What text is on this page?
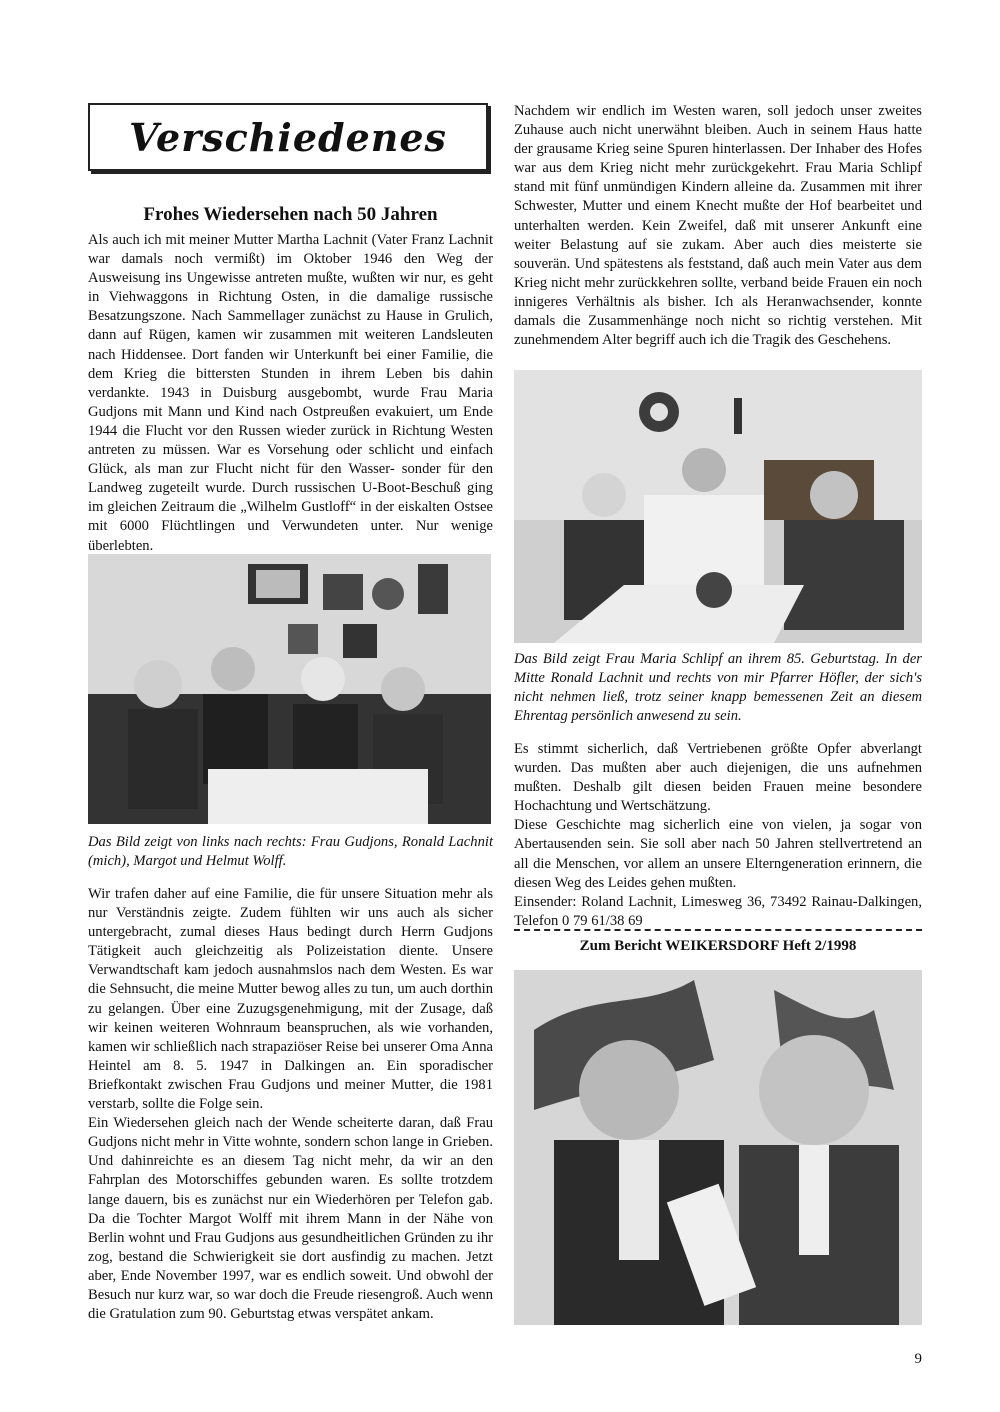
Verschiedenes
Frohes Wiedersehen nach 50 Jahren

Als auch ich mit meiner Mutter Martha Lachnit (Vater Franz Lachnit war damals noch vermißt) im Oktober 1946 den Weg der Ausweisung ins Ungewisse antreten mußte, wußten wir nur, es geht in Viehwaggons in Richtung Osten, in die damalige russische Besatzungszone. Nach Sammellager zunächst zu Hause in Grulich, dann auf Rügen, kamen wir zusammen mit weiteren Landsleuten nach Hiddensee. Dort fanden wir Unterkunft bei einer Familie, die dem Krieg die bittersten Stunden in ihrem Leben bis dahin verdankte. 1943 in Duisburg ausgebombt, wurde Frau Maria Gudjons mit Mann und Kind nach Ostpreußen evakuiert, um Ende 1944 die Flucht vor den Russen wieder zurück in Richtung Westen antreten zu müssen. War es Vorsehung oder schlicht und einfach Glück, als man zur Flucht nicht für den Wasser- sonder für den Landweg zugeteilt wurde. Durch russischen U-Boot-Beschuß ging im gleichen Zeitraum die „Wilhelm Gustloff“ in der eiskalten Ostsee mit 6000 Flüchtlingen und Verwundeten unter. Nur wenige überlebten.

Das Bild zeigt von links nach rechts: Frau Gudjons, Ronald Lachnit (mich), Margot und Helmut Wolff.

Wir trafen daher auf eine Familie, die für unsere Situation mehr als nur Verständnis zeigte. Zudem fühlten wir uns auch als sicher untergebracht, zumal dieses Haus bedingt durch Herrn Gudjons Tätigkeit auch gleichzeitig als Polizeistation diente. Unsere Verwandtschaft kam jedoch ausnahmslos nach dem Westen. Es war die Sehnsucht, die meine Mutter bewog alles zu tun, um auch dorthin zu gelangen. Über eine Zuzugsgenehmigung, mit der Zusage, daß wir keinen weiteren Wohnraum beanspruchen, als wie vorhanden, kamen wir schließlich nach strapaziöser Reise bei unserer Oma Anna Heintel am 8. 5. 1947 in Dalkingen an. Ein sporadischer Briefkontakt zwischen Frau Gudjons und meiner Mutter, die 1981 verstarb, sollte die Folge sein.

Ein Wiedersehen gleich nach der Wende scheiterte daran, daß Frau Gudjons nicht mehr in Vitte wohnte, sondern schon lange in Grieben. Und dahinreichte es an diesem Tag nicht mehr, da wir an den Fahrplan des Motorschiffes gebunden waren. Es sollte trotzdem lange dauern, bis es zunächst nur ein Wiederhören per Telefon gab. Da die Tochter Margot Wolff mit ihrem Mann in der Nähe von Berlin wohnt und Frau Gudjons aus gesundheitlichen Gründen zu ihr zog, bestand die Schwierigkeit sie dort ausfindig zu machen. Jetzt aber, Ende November 1997, war es endlich soweit. Und obwohl der Besuch nur kurz war, so war doch die Freude riesengroß. Auch wenn die Gratulation zum 90. Geburtstag etwas verspätet ankam.

Nachdem wir endlich im Westen waren, soll jedoch unser zweites Zuhause auch nicht unerwähnt bleiben. Auch in seinem Haus hatte der grausame Krieg seine Spuren hinterlassen. Der Inhaber des Hofes war aus dem Krieg nicht mehr zurückgekehrt. Frau Maria Schlipf stand mit fünf unmündigen Kindern alleine da. Zusammen mit ihrer Schwester, Mutter und einem Knecht mußte der Hof bearbeitet und unterhalten werden. Kein Zweifel, daß mit unserer Ankunft eine weiter Belastung auf sie zukam. Aber auch dies meisterte sie souverän. Und spätestens als feststand, daß auch mein Vater aus dem Krieg nicht mehr zurückkehren sollte, verband beide Frauen ein noch innigeres Verhältnis als bisher. Ich als Heranwachsender, konnte damals die Zusammenhänge noch nicht so richtig verstehen. Mit zunehmendem Alter begriff auch ich die Tragik des Geschehens.

Das Bild zeigt Frau Maria Schlipf an ihrem 85. Geburtstag. In der Mitte Ronald Lachnit und rechts von mir Pfarrer Höfler, der sich's nicht nehmen ließ, trotz seiner knapp bemessenen Zeit an diesem Ehrentag persönlich anwesend zu sein.

Es stimmt sicherlich, daß Vertriebenen größte Opfer abverlangt wurden. Das mußten aber auch diejenigen, die uns aufnehmen mußten. Deshalb gilt diesen beiden Frauen meine besondere Hochachtung und Wertschätzung.

Diese Geschichte mag sicherlich eine von vielen, ja sogar von Abertausenden sein. Sie soll aber nach 50 Jahren stellvertretend an all die Menschen, vor allem an unsere Elterngeneration erinnern, die diesen Weg des Leides gehen mußten.

Einsender: Roland Lachnit, Limesweg 36, 73492 Rainau-Dalkingen, Telefon 0 79 61/38 69

Zum Bericht WEIKERSDORF Heft 2/1998
9
